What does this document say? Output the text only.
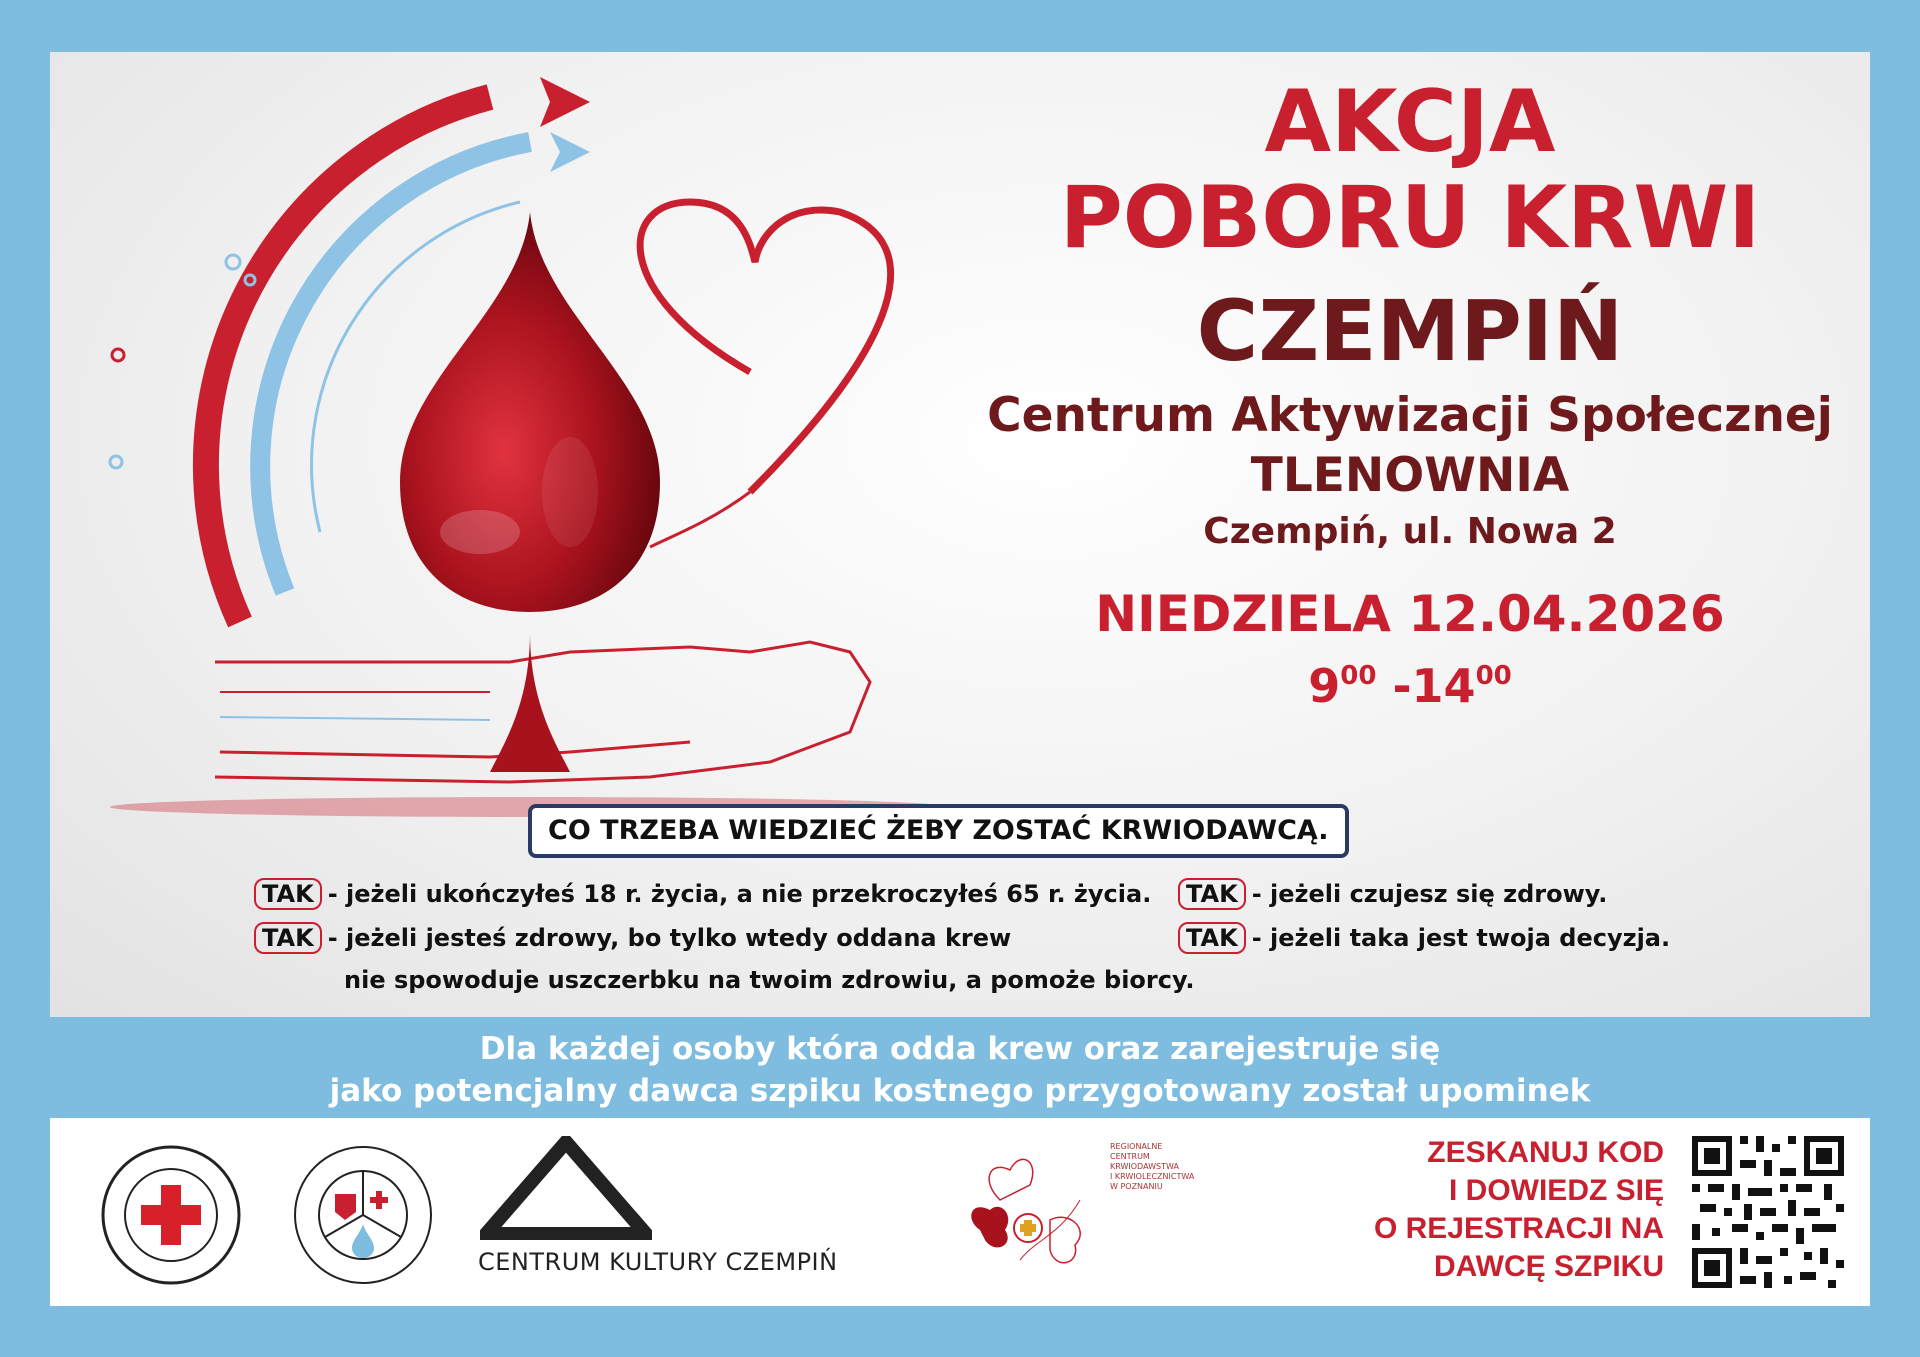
AKCJA
POBORU KRWI
CZEMPIŃ
Centrum Aktywizacji Społecznej
TLENOWNIA
Czempiń, ul. Nowa 2
NIEDZIELA 12.04.2026
$9^{00}$ $-14^{00}$
CO TRZEBA WIEDZIEĆ ŻEBY ZOSTAĆ KRWIODAWCĄ.
TAK - jeżeli ukończyłeś 18 r. życia, a nie przekroczyłeś 65 r. życia.
TAK - jeżeli jesteś zdrowy, bo tylko wtedy oddana krew
nie spowoduje uszczerbku na twoim zdrowiu, a pomoże biorcy.
TAK - jeżeli czujesz się zdrowy.
TAK - jeżeli taka jest twoja decyzja.
Dla każdej osoby która odda krew oraz zarejestruje się
jako potencjalny dawca szpiku kostnego przygotowany został upominek
CENTRUM KULTURY CZEMPIŃ
REGIONALNE
CENTRUM
KRWIODAWSTWA
I KRWIOLECZNICTWA
W POZNANIU
ZESKANUJ KOD
I DOWIEDZ SIĘ
O REJESTRACJI NA
DAWCĘ SZPIKU
